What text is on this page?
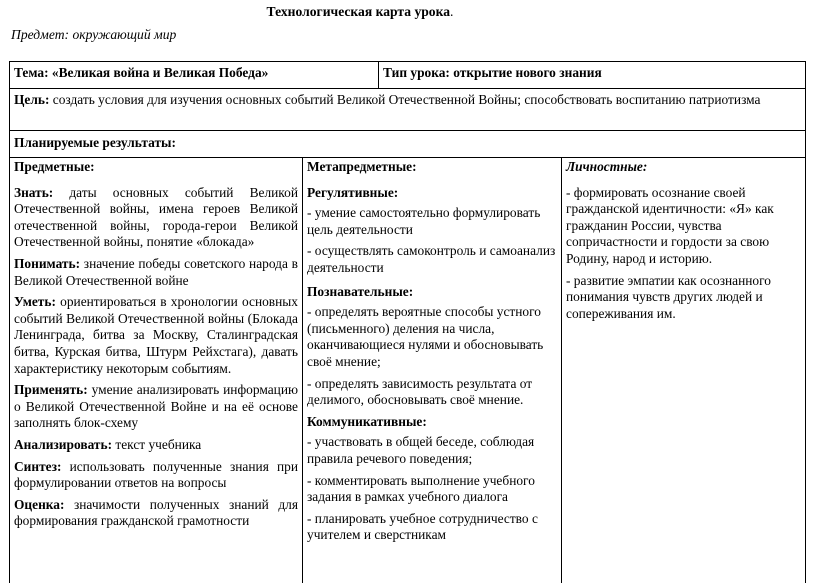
Технологическая карта урока.
Предмет: окружающий мир
Тема: «Великая война и Великая Победа»	Тип урока: открытие нового знания
Цель: создать условия для изучения основных событий Великой Отечественной Войны; способствовать воспитанию патриотизма
Планируемые результаты:

Предметные:

Знать: даты основных событий Великой Отечественной войны, имена героев Великой отечественной войны, города-герои Великой Отечественной войны, понятие «блокада»

Понимать: значение победы советского народа в Великой Отечественной войне

Уметь: ориентироваться в хронологии основных событий Великой Отечественной войны (Блокада Ленинграда, битва за Москву, Сталинградская битва, Курская битва, Штурм Рейхстага), давать характеристику некоторым событиям.

Применять: умение анализировать информацию о Великой Отечественной Войне и на её основе заполнять блок-схему

Анализировать: текст учебника

Синтез: использовать полученные знания при формулировании ответов на вопросы

Оценка: значимости полученных знаний для формирования гражданской грамотности

Метапредметные:

Регулятивные:

- умение самостоятельно формулировать цель деятельности

- осуществлять самоконтроль и самоанализ деятельности

Познавательные:

- определять вероятные способы устного (письменного) деления на числа, оканчивающиеся нулями и обосновывать своё мнение;

- определять зависимость результата от делимого, обосновывать своё мнение.

Коммуникативные:

- участвовать в общей беседе, соблюдая правила речевого поведения;

- комментировать выполнение учебного задания в рамках учебного диалога

- планировать учебное сотрудничество с учителем и сверстникам

Личностные:

- формировать осознание своей гражданской идентичности: «Я» как гражданин России, чувства сопричастности и гордости за свою Родину, народ и историю.

- развитие эмпатии как осознанного понимания чувств других людей и сопереживания им.
